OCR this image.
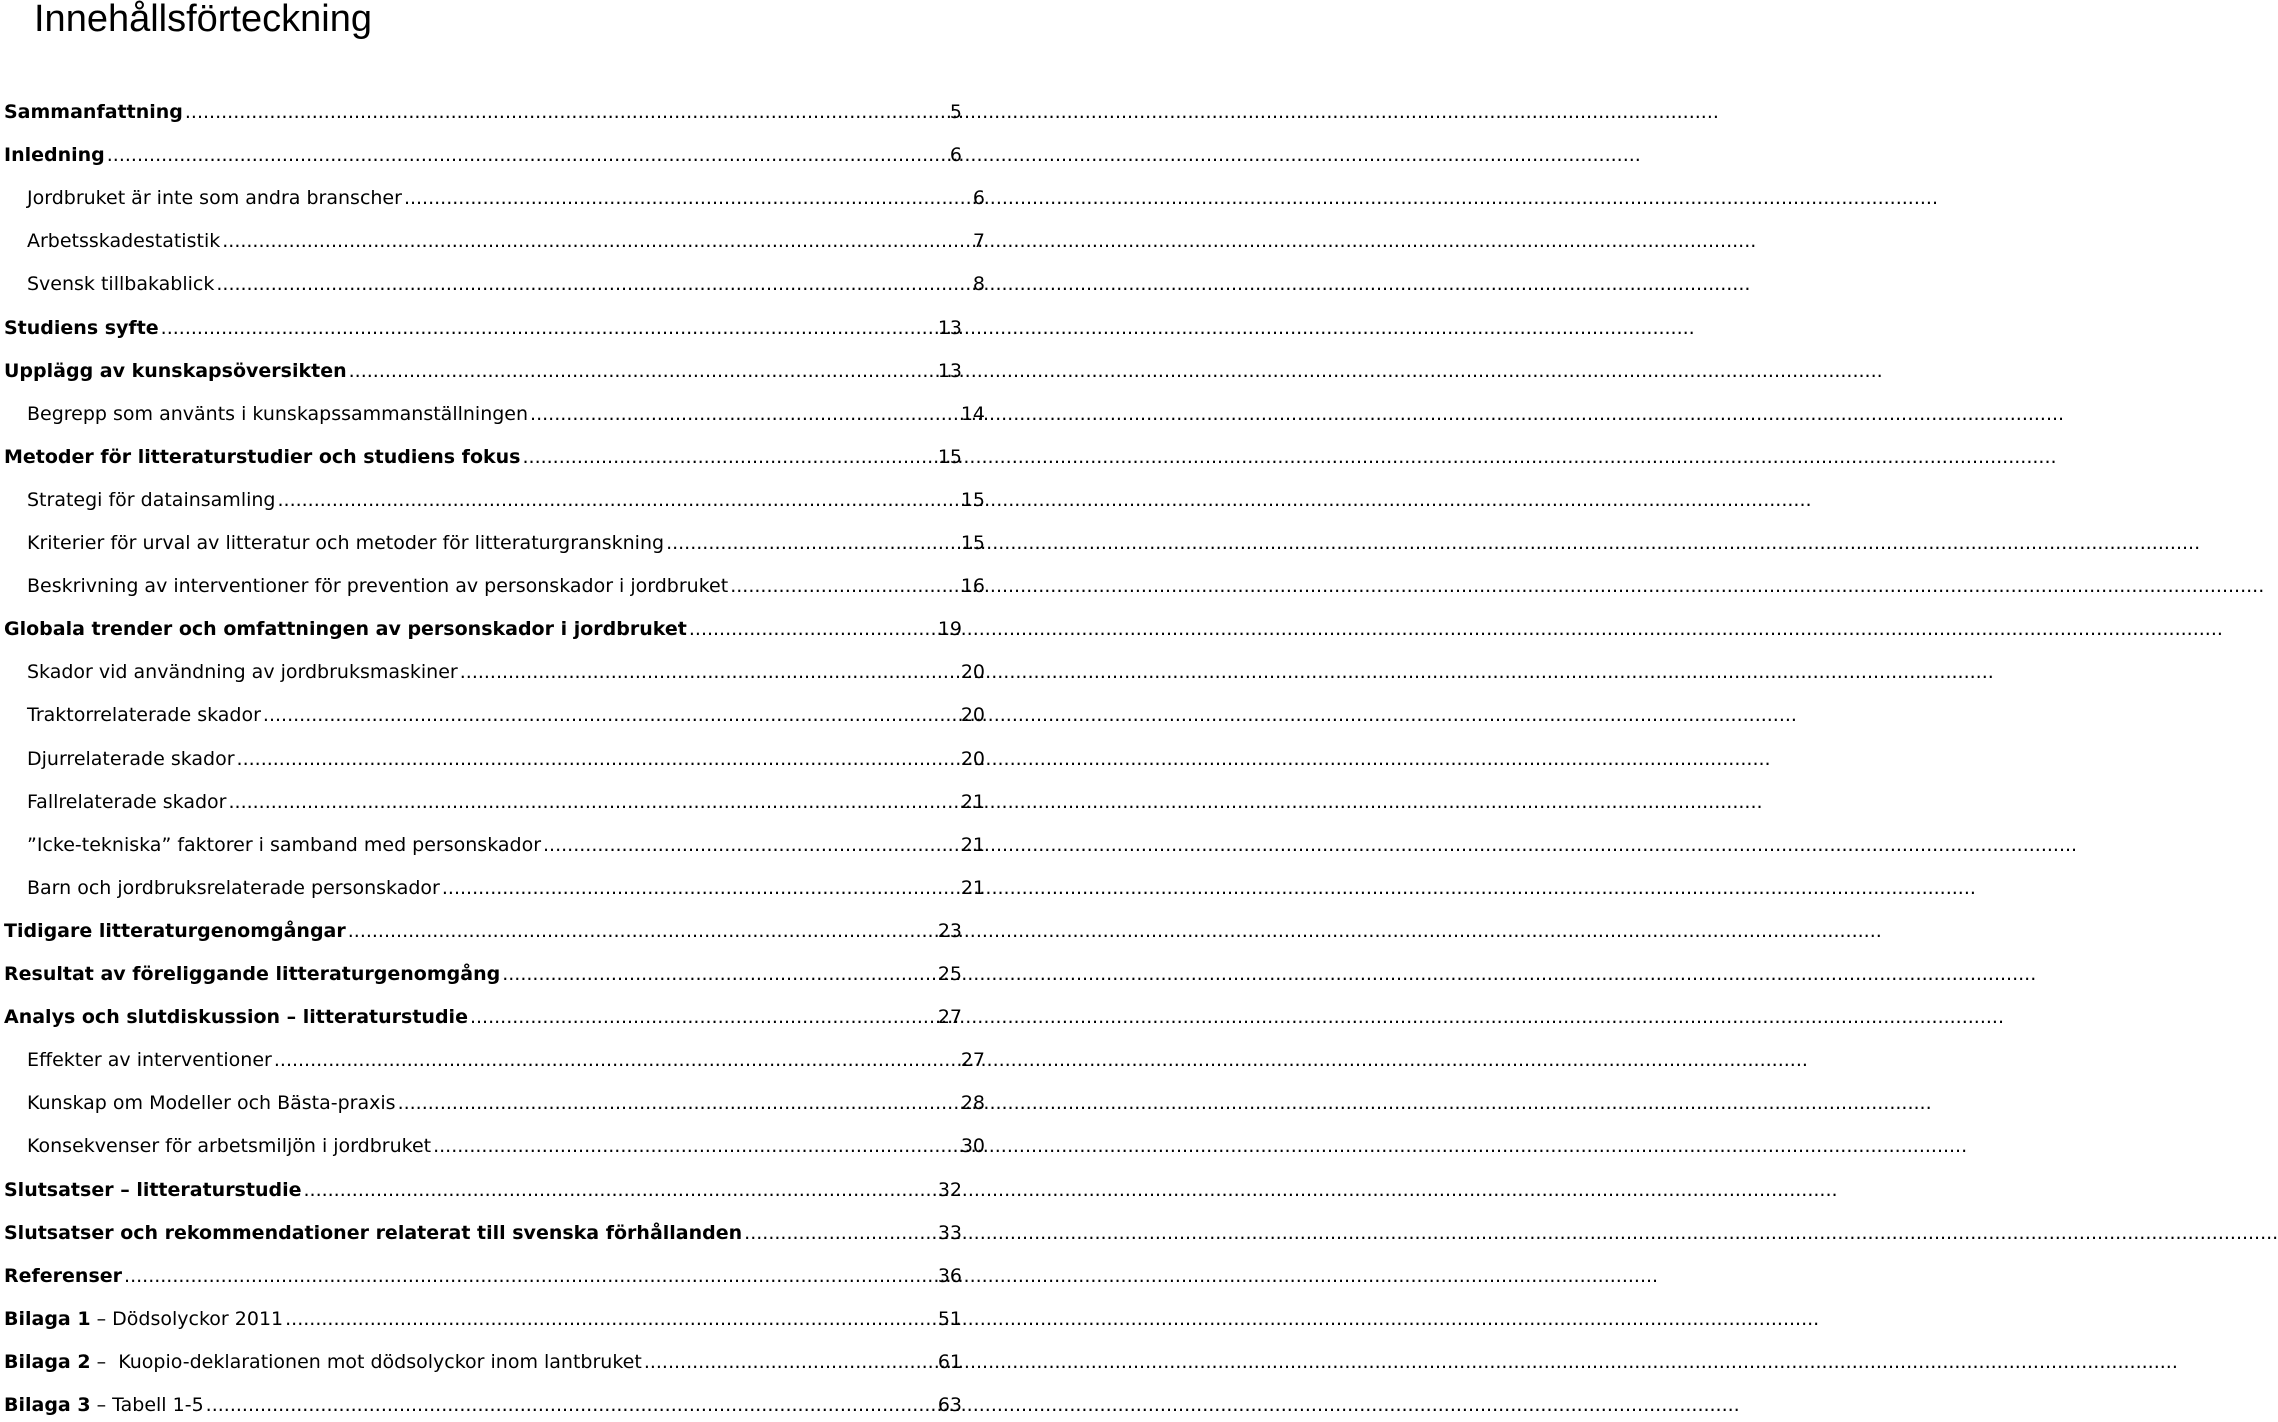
Innehållsförteckning
Sammanfattning .....	5
Inledning .....	6
Jordbruket är inte som andra branscher .....	6
Arbetsskadestatistik .....	7
Svensk tillbakablick .....	8
Studiens syfte .....	13
Upplägg av kunskapsöversikten .....	13
Begrepp som använts i kunskapssammanställningen .....	14
Metoder för litteraturstudier och studiens fokus .....	15
Strategi för datainsamling .....	15
Kriterier för urval av litteratur och metoder för litteraturgranskning .....	15
Beskrivning av interventioner för prevention av personskador i jordbruket .....	16
Globala trender och omfattningen av personskador i jordbruket .....	19
Skador vid användning av jordbruksmaskiner .....	20
Traktorrelaterade skador .....	20
Djurrelaterade skador .....	20
Fallrelaterade skador .....	21
”Icke-tekniska” faktorer i samband med personskador .....	21
Barn och jordbruksrelaterade personskador .....	21
Tidigare litteraturgenomgångar .....	23
Resultat av föreliggande litteraturgenomgång .....	25
Analys och slutdiskussion – litteraturstudie .....	27
Effekter av interventioner .....	27
Kunskap om Modeller och Bästa-praxis .....	28
Konsekvenser för arbetsmiljön i jordbruket .....	30
Slutsatser – litteraturstudie .....	32
Slutsatser och rekommendationer relaterat till svenska förhållanden .....	33
Referenser .....	36
Bilaga 1 – Dödsolyckor 2011 .....	51
Bilaga 2 –  Kuopio-deklarationen mot dödsolyckor inom lantbruket .....	61
Bilaga 3 – Tabell 1-5 .....	63
